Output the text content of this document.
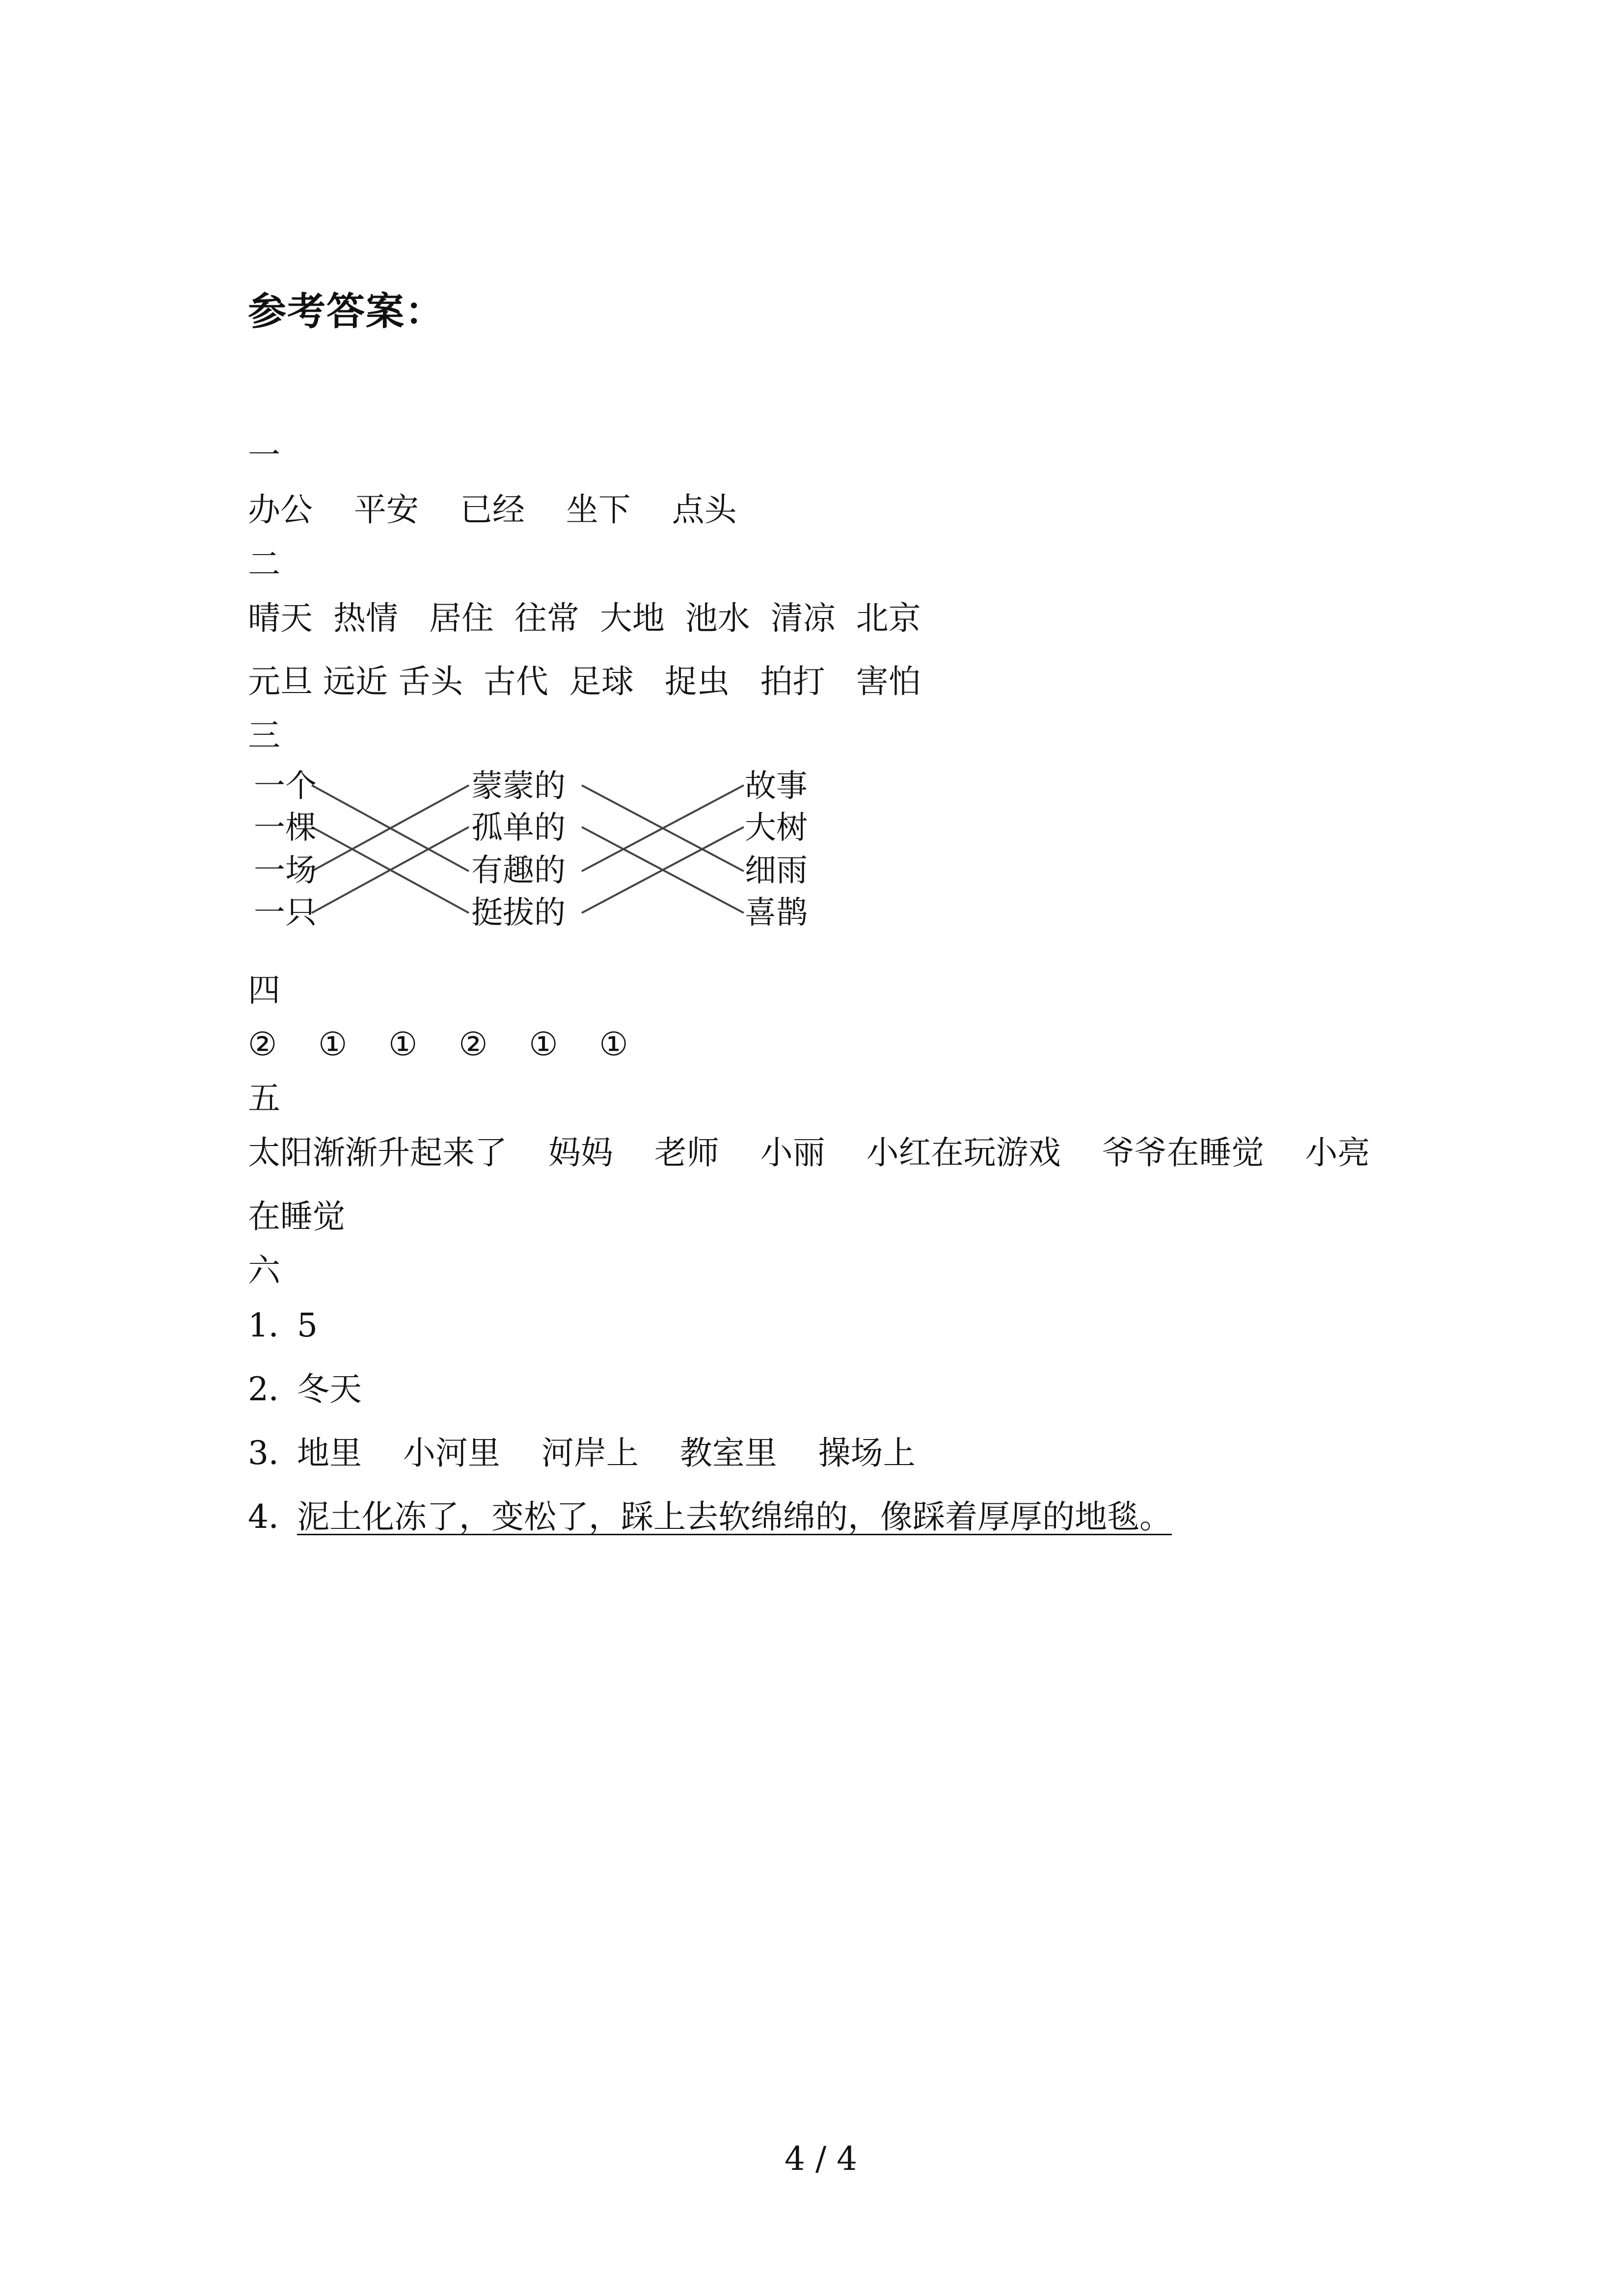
参考答案：
一
办公    平安    已经    坐下    点头
二
晴天  热情   居住  往常  大地  池水  清凉  北京
元旦 远近 舌头  古代  足球   捉虫   拍打   害怕
三
一个
一棵
一场
一只
蒙蒙的
孤单的
有趣的
挺拔的
故事
大树
细雨
喜鹊
四
②    ①    ①    ②    ①    ①
五
太阳渐渐升起来了    妈妈    老师    小丽    小红在玩游戏    爷爷在睡觉    小亮
在睡觉
六
1．
5
2．
冬天
3．
地里    小河里    河岸上    教室里    操场上
4．
泥土化冻了，变松了，踩上去软绵绵的，像踩着厚厚的地毯。
4 / 4
